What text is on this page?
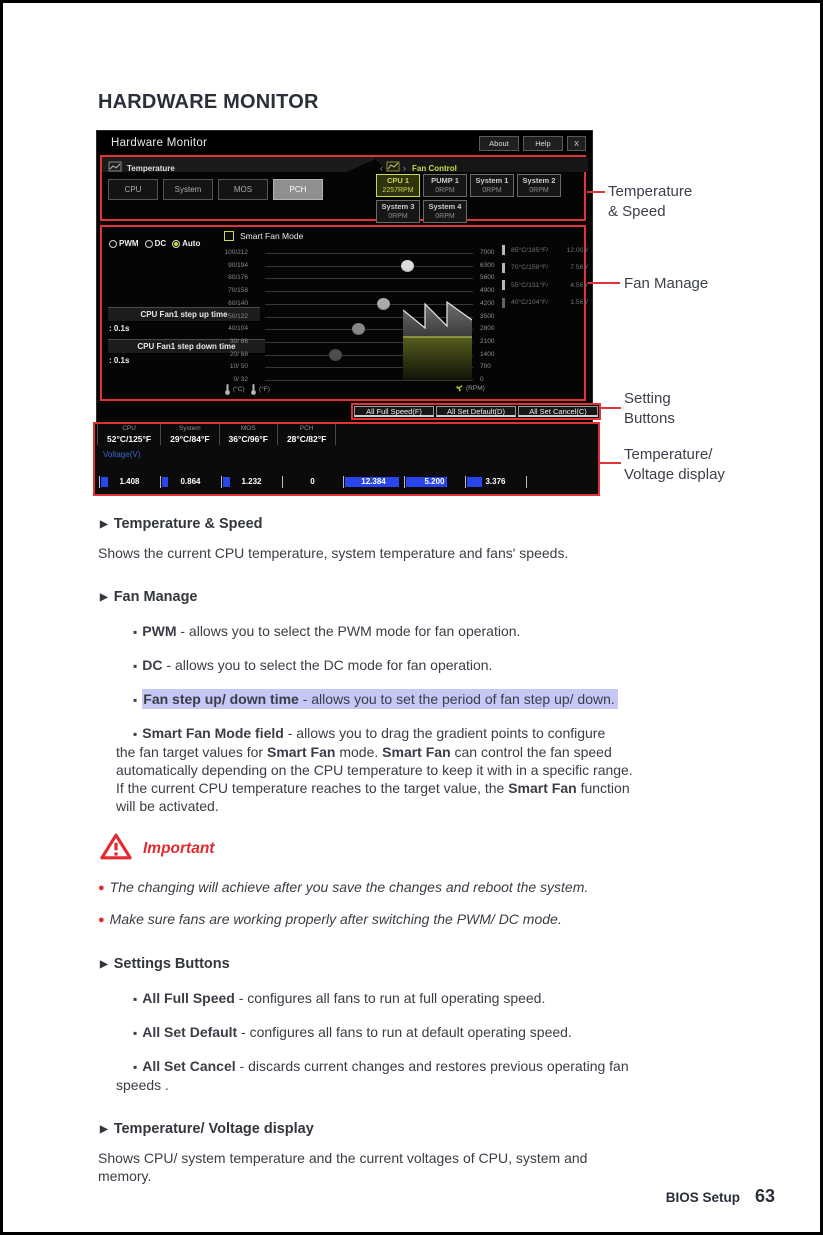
HARDWARE MONITOR
Hardware Monitor	About	Help	X
Temperature
CPU	System	MOS	PCH
‹ › Fan Control
CPU 1
2257RPM
PUMP 1
0RPM
System 1
0RPM
System 2
0RPM
System 3
0RPM
System 4
0RPM
PWM DC Auto
CPU Fan1 step up time
: 0.1s
CPU Fan1 step down time
: 0.1s
Smart Fan Mode
100/212
90/194
80/176
70/158
60/140
50/122
40/104
30/ 86
20/ 68
10/ 50
0/ 32
7000
6300
5600
4900
4200
3500
2800
2100
1400
700
0
85°C/185°F/	12.00V
70°C/158°F/	7.56V
55°C/131°F/	4.56V
40°C/104°F/	1.56V
(°C) (°F)	(RPM)
All Full Speed(F)	All Set Default(D)	All Set Cancel(C)
CPU
52°C/125°F
System
29°C/84°F
MOS
36°C/96°F
PCH
28°C/82°F
Voltage(V)
1.408	0.864	1.232	0	12.384	5.200	3.376
Temperature
& Speed
Fan Manage
Setting
Buttons
Temperature/
Voltage display
▶ Temperature & Speed
Shows the current CPU temperature, system temperature and fans' speeds.
▶ Fan Manage
▪ PWM - allows you to select the PWM mode for fan operation.
▪ DC - allows you to select the DC mode for fan operation.
▪ Fan step up/ down time - allows you to set the period of fan step up/ down.
▪ Smart Fan Mode field - allows you to drag the gradient points to configure
the fan target values for Smart Fan mode. Smart Fan can control the fan speed
automatically depending on the CPU temperature to keep it with in a specific range.
If the current CPU temperature reaches to the target value, the Smart Fan function
will be activated.
Important
● The changing will achieve after you save the changes and reboot the system.
● Make sure fans are working properly after switching the PWM/ DC mode.
▶ Settings Buttons
▪ All Full Speed - configures all fans to run at full operating speed.
▪ All Set Default - configures all fans to run at default operating speed.
▪ All Set Cancel - discards current changes and restores previous operating fan
speeds .
▶ Temperature/ Voltage display
Shows CPU/ system temperature and the current voltages of CPU, system and
memory.
BIOS Setup 63
